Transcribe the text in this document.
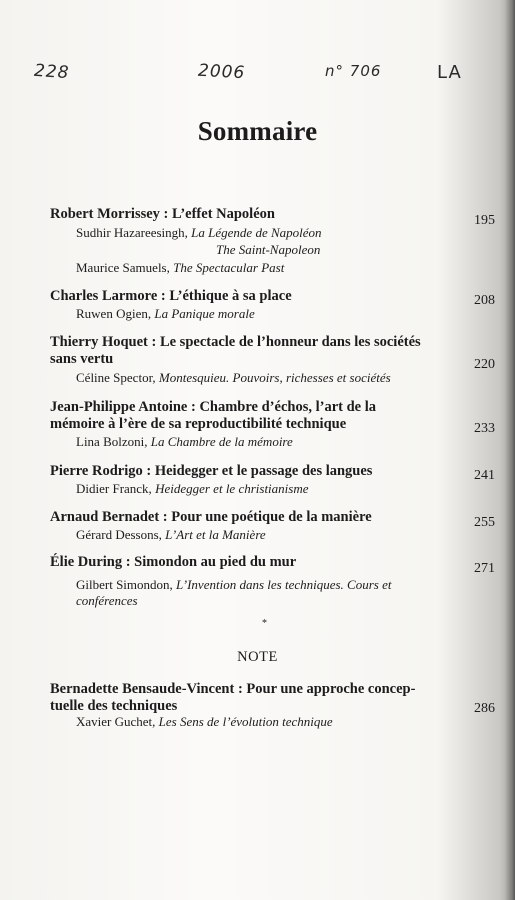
228	2006	n° 706	LA
Sommaire
Robert Morrissey : L’effet Napoléon	195
Sudhir Hazareesingh, La Légende de Napoléon
The Saint-Napoleon
Maurice Samuels, The Spectacular Past
Charles Larmore : L’éthique à sa place	208
Ruwen Ogien, La Panique morale
Thierry Hoquet : Le spectacle de l’honneur dans les sociétés
sans vertu	220
Céline Spector, Montesquieu. Pouvoirs, richesses et sociétés
Jean-Philippe Antoine : Chambre d’échos, l’art de la
mémoire à l’ère de sa reproductibilité technique	233
Lina Bolzoni, La Chambre de la mémoire
Pierre Rodrigo : Heidegger et le passage des langues	241
Didier Franck, Heidegger et le christianisme
Arnaud Bernadet : Pour une poétique de la manière	255
Gérard Dessons, L’Art et la Manière
Élie During : Simondon au pied du mur	271
Gilbert Simondon, L’Invention dans les techniques. Cours et
conférences
*
NOTE
Bernadette Bensaude-Vincent : Pour une approche concep-
tuelle des techniques	286
Xavier Guchet, Les Sens de l’évolution technique
